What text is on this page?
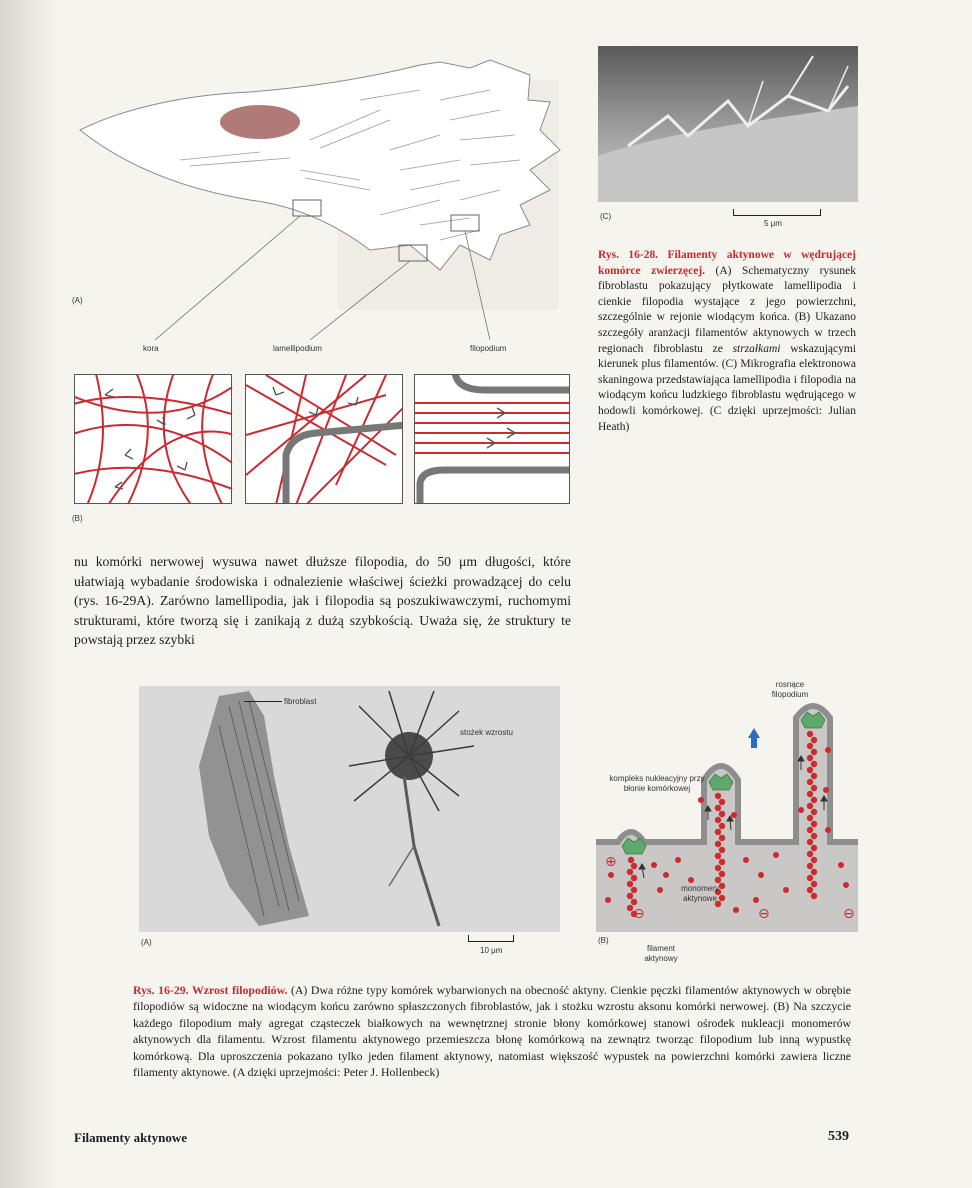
(A)
kora	lamellipodium	filopodium
(B)
(C)
5 μm
Rys. 16-28. Filamenty aktynowe w wędrującej komórce zwierzęcej. (A) Schematyczny rysunek fibroblastu pokazujący płytkowate lamellipodia i cienkie filopodia wystające z jego powierzchni, szczególnie w rejonie wiodącym końca. (B) Ukazano szczegóły aranżacji filamentów aktynowych w trzech regionach fibroblastu ze strzałkami wskazującymi kierunek plus filamentów. (C) Mikrografia elektronowa skaningowa przedstawiająca lamellipodia i filopodia na wiodącym końcu ludzkiego fibroblastu wędrującego w hodowli komórkowej. (C dzięki uprzejmości: Julian Heath)
nu komórki nerwowej wysuwa nawet dłuższe filopodia, do 50 μm długości, które ułatwiają wybadanie środowiska i odnalezienie właściwej ścieżki prowadzącej do celu (rys. 16-29A). Zarówno lamellipodia, jak i filopodia są poszukiwawczymi, ruchomymi strukturami, które tworzą się i zanikają z dużą szybkością. Uważa się, że struktury te powstają przez szybki
fibroblast
stożek wzrostu
(A)
10 μm
⊕
⊖	⊖	⊖
rosnące filopodium
kompleks nukleacyjny przy błonie komórkowej
monomery aktynowe
filament aktynowy
(B)
Rys. 16-29. Wzrost filopodiów. (A) Dwa różne typy komórek wybarwionych na obecność aktyny. Cienkie pęczki filamentów aktynowych w obrębie filopodiów są widoczne na wiodącym końcu zarówno spłaszczonych fibroblastów, jak i stożku wzrostu aksonu komórki nerwowej. (B) Na szczycie każdego filopodium mały agregat cząsteczek białkowych na wewnętrznej stronie błony komórkowej stanowi ośrodek nukleacji monomerów aktynowych dla filamentu. Wzrost filamentu aktynowego przemieszcza błonę komórkową na zewnątrz tworząc filopodium lub inną wypustkę komórkową. Dla uproszczenia pokazano tylko jeden filament aktynowy, natomiast większość wypustek na powierzchni komórki zawiera liczne filamenty aktynowe. (A dzięki uprzejmości: Peter J. Hollenbeck)
Filamenty aktynowe	539
